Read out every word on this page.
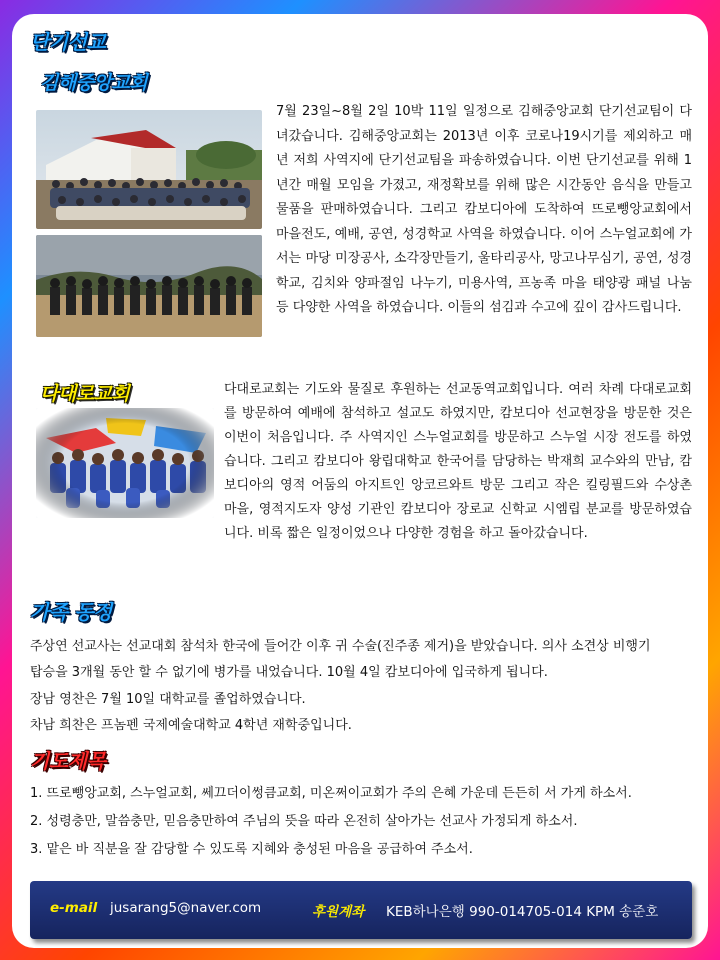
단기선교
김해중앙교회
7월 23일~8월 2일 10박 11일 일정으로 김해중앙교회 단기선교팀이 다녀갔습니다. 김해중앙교회는 2013년 이후 코로나19시기를 제외하고 매년 저희 사역지에 단기선교팀을 파송하였습니다. 이번 단기선교를 위해 1년간 매월 모임을 가졌고, 재정확보를 위해 많은 시간동안 음식을 만들고 물품을 판매하였습니다. 그리고 캄보디아에 도착하여 뜨로뺑앙교회에서 마을전도, 예배, 공연, 성경학교 사역을 하였습니다. 이어 스누얼교회에 가서는 마당 미장공사, 소각장만들기, 울타리공사, 망고나무심기, 공연, 성경학교, 김치와 양파절임 나누기, 미용사역, 프농족 마을 태양광 패널 나눔 등 다양한 사역을 하였습니다. 이들의 섬김과 수고에 깊이 감사드립니다.
다대로교회	다대로교회는 기도와 물질로 후원하는 선교동역교회입니다. 여러 차례 다대로교회를 방문하여 예배에 참석하고 설교도 하였지만, 캄보디아 선교현장을 방문한 것은 이번이 처음입니다. 주 사역지인 스누얼교회를 방문하고 스누얼 시장 전도를 하였습니다. 그리고 캄보디아 왕립대학교 한국어를 담당하는 박재희 교수와의 만남, 캄보디아의 영적 어둠의 아지트인 앙코르와트 방문 그리고 작은 킬링필드와 수상촌 마을, 영적지도자 양성 기관인 캄보디아 장로교 신학교 시엠립 분교를 방문하였습니다. 비록 짧은 일정이었으나 다양한 경험을 하고 돌아갔습니다.
가족 동정
주상연 선교사는 선교대회 참석차 한국에 들어간 이후 귀 수술(진주종 제거)을 받았습니다. 의사 소견상 비행기
탑승을 3개월 동안 할 수 없기에 병가를 내었습니다. 10월 4일 캄보디아에 입국하게 됩니다.
장남 영찬은 7월 10일 대학교를 졸업하였습니다.
차남 희찬은 프놈펜 국제예술대학교 4학년 재학중입니다.
기도제목
1. 뜨로뺑앙교회, 스누얼교회, 쎄끄더이썽큼교회, 미온쩌이교회가 주의 은혜 가운데 든든히 서 가게 하소서.
2. 성령충만, 말씀충만, 믿음충만하여 주님의 뜻을 따라 온전히 살아가는 선교사 가정되게 하소서.
3. 맡은 바 직분을 잘 감당할 수 있도록 지혜와 충성된 마음을 공급하여 주소서.
e-mail jusarang5@naver.com	후원계좌 KEB하나은행 990-014705-014 KPM 송준호
